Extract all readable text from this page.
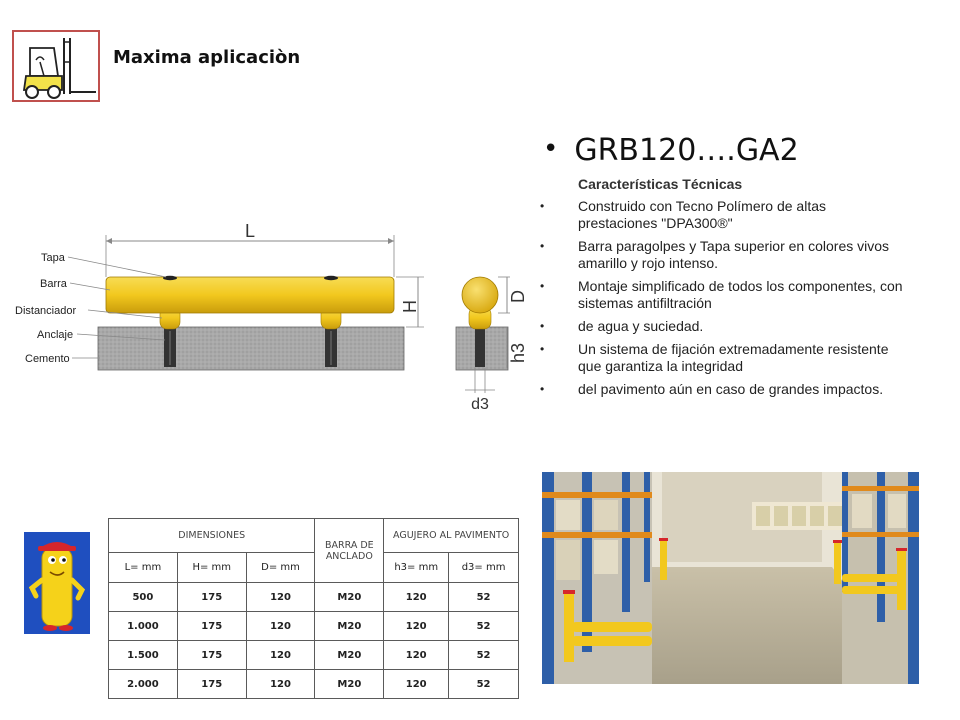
Maxima aplicaciòn
• GRB120….GA2
Características Técnicas
• Construido con Tecno Polímero de altas prestaciones "DPA300®"
• Barra paragolpes y Tapa superior en colores vivos amarillo y rojo intenso.
• Montaje simplificado de todos los componentes, con sistemas antifiltración
• de agua y suciedad.
• Un sistema de fijación extremadamente resistente que garantiza la integridad
• del pavimento aún en caso de grandes impactos.
L
H
Tapa
Barra
Distanciador
Anclaje
Cemento
D
h3
d3
DIMENSIONES			BARRA DE ANCLADO	AGUJERO AL PAVIMENTO	
L= mm	H= mm	D= mm		h3= mm	d3= mm
500	175	120	M20	120	52
1.000	175	120	M20	120	52
1.500	175	120	M20	120	52
2.000	175	120	M20	120	52
